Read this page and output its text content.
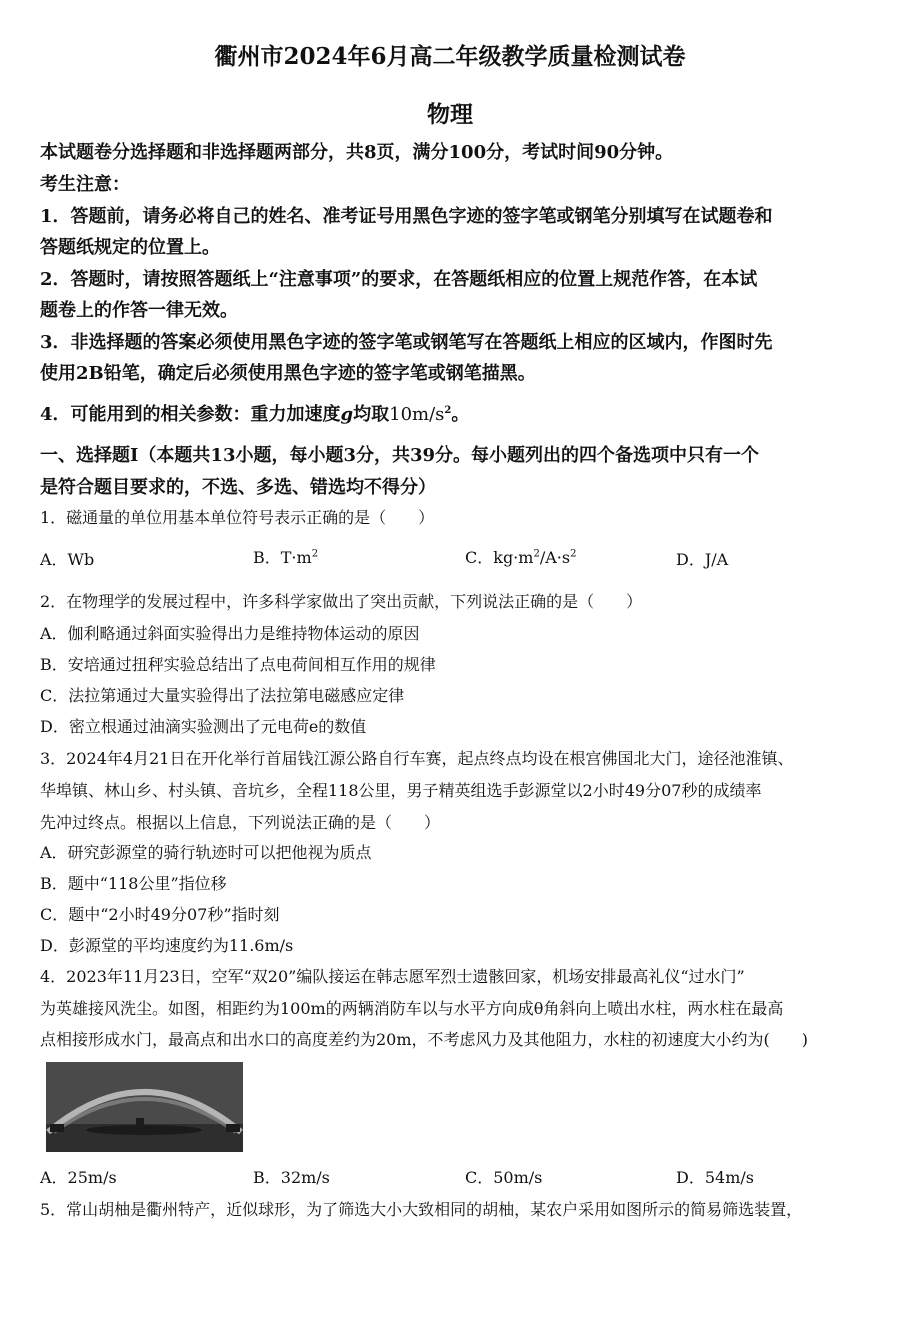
衢州市2024年6月高二年级教学质量检测试卷
物理
本试题卷分选择题和非选择题两部分，共8页，满分100分，考试时间90分钟。
考生注意：
1．答题前，请务必将自己的姓名、准考证号用黑色字迹的签字笔或钢笔分别填写在试题卷和
答题纸规定的位置上。
2．答题时，请按照答题纸上“注意事项”的要求，在答题纸相应的位置上规范作答，在本试
题卷上的作答一律无效。
3．非选择题的答案必须使用黑色字迹的签字笔或钢笔写在答题纸上相应的区域内，作图时先
使用2B铅笔，确定后必须使用黑色字迹的签字笔或钢笔描黑。
4．可能用到的相关参数：重力加速度g均取$10m/s^2$。
一、选择题Ⅰ（本题共13小题，每小题3分，共39分。每小题列出的四个备选项中只有一个
是符合题目要求的，不选、多选、错选均不得分）
1．磁通量的单位用基本单位符号表示正确的是（　　）
A．Wb	B．$T\cdot m^2$	C．$kg\cdot m^2/A\cdot s^2$	D．J/A
2．在物理学的发展过程中，许多科学家做出了突出贡献，下列说法正确的是（　　）
A．伽利略通过斜面实验得出力是维持物体运动的原因
B．安培通过扭秤实验总结出了点电荷间相互作用的规律
C．法拉第通过大量实验得出了法拉第电磁感应定律
D．密立根通过油滴实验测出了元电荷e的数值
3．2024年4月21日在开化举行首届钱江源公路自行车赛，起点终点均设在根宫佛国北大门，途径池淮镇、
华埠镇、林山乡、村头镇、音坑乡，全程118公里，男子精英组选手彭源堂以2小时49分07秒的成绩率
先冲过终点。根据以上信息，下列说法正确的是（　　）
A．研究彭源堂的骑行轨迹时可以把他视为质点
B．题中“118公里”指位移
C．题中“2小时49分07秒”指时刻
D．彭源堂的平均速度约为11.6m/s
4．2023年11月23日，空军“双20”编队接运在韩志愿军烈士遗骸回家，机场安排最高礼仪“过水门”
为英雄接风洗尘。如图，相距约为100m的两辆消防车以与水平方向成θ角斜向上喷出水柱，两水柱在最高
点相接形成水门，最高点和出水口的高度差约为20m，不考虑风力及其他阻力，水柱的初速度大小约为(　　)
A．25m/s	B．32m/s	C．50m/s	D．54m/s
5．常山胡柚是衢州特产，近似球形，为了筛选大小大致相同的胡柚，某农户采用如图所示的简易筛选装置，
